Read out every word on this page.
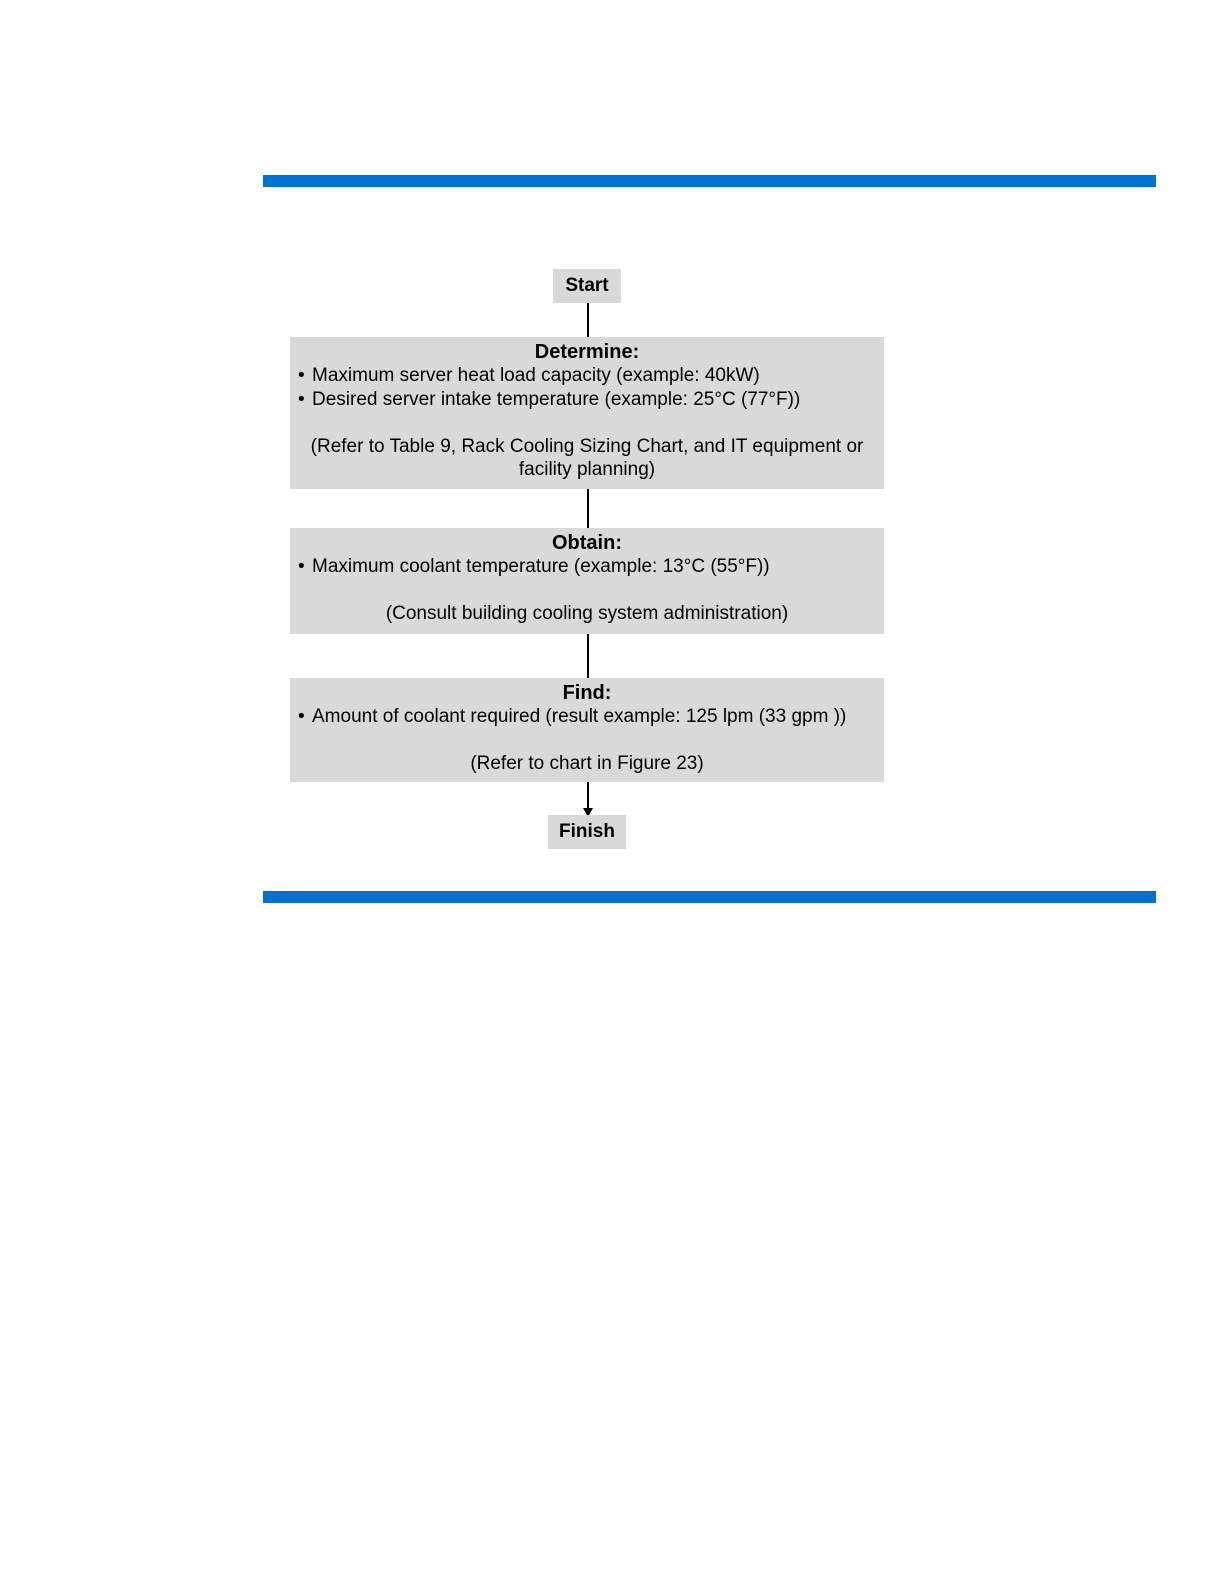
Start
Determine:
• Maximum server heat load capacity (example: 40kW)
• Desired server intake temperature (example: 25°C (77°F))
(Refer to Table 9, Rack Cooling Sizing Chart, and IT equipment or facility planning)
Obtain:
• Maximum coolant temperature (example: 13°C (55°F))
(Consult building cooling system administration)
Find:
• Amount of coolant required (result example: 125 lpm (33 gpm ))
(Refer to chart in Figure 23)
Finish
